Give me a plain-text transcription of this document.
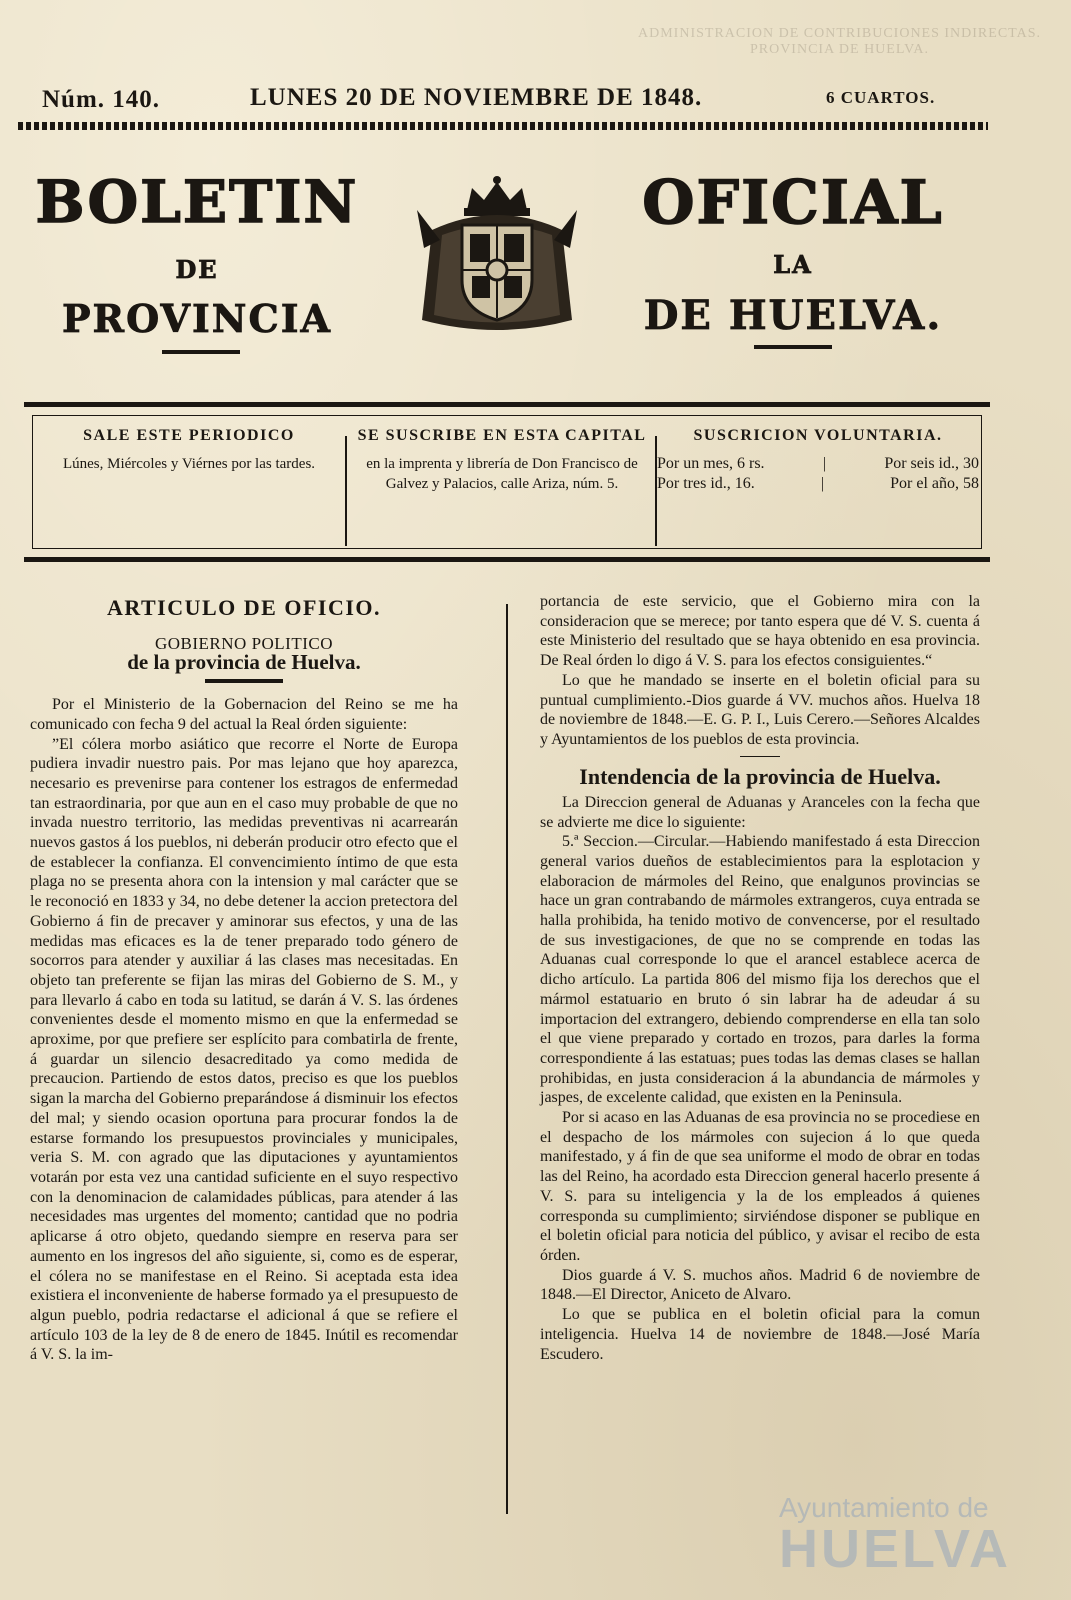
ADMINISTRACION DE CONTRIBUCIONES INDIRECTAS.
PROVINCIA DE HUELVA.
Núm. 140.	LUNES 20 DE NOVIEMBRE DE 1848.	6 CUARTOS.
BOLETIN
DE
PROVINCIA
OFICIAL
LA
DE HUELVA.
SALE ESTE PERIODICO
Lúnes, Miércoles y Viérnes por las tardes.
SE SUSCRIBE EN ESTA CAPITAL
en la imprenta y librería de Don Francisco de Galvez y Palacios, calle Ariza, núm. 5.
SUSCRICION VOLUNTARIA.
Por un mes, 6 rs.	|	Por seis id., 30
Por tres id., 16.	|	Por el año, 58
ARTICULO DE OFICIO.
GOBIERNO POLITICO
de la provincia de Huelva.

Por el Ministerio de la Gobernacion del Reino se me ha comunicado con fecha 9 del actual la Real órden siguiente:

”El cólera morbo asiático que recorre el Norte de Europa pudiera invadir nuestro pais. Por mas lejano que hoy aparezca, necesario es prevenirse para contener los estragos de enfermedad tan estraordinaria, por que aun en el caso muy probable de que no invada nuestro territorio, las medidas preventivas ni acarrearán nuevos gastos á los pueblos, ni deberán producir otro efecto que el de establecer la confianza. El convencimiento íntimo de que esta plaga no se presenta ahora con la intension y mal carácter que se le reconoció en 1833 y 34, no debe detener la accion pretectora del Gobierno á fin de precaver y aminorar sus efectos, y una de las medidas mas eficaces es la de tener preparado todo género de socorros para atender y auxiliar á las clases mas necesitadas. En objeto tan preferente se fijan las miras del Gobierno de S. M., y para llevarlo á cabo en toda su latitud, se darán á V. S. las órdenes convenientes desde el momento mismo en que la enfermedad se aproxime, por que prefiere ser esplícito para combatirla de frente, á guardar un silencio desacreditado ya como medida de precaucion. Partiendo de estos datos, preciso es que los pueblos sigan la marcha del Gobierno preparándose á disminuir los efectos del mal; y siendo ocasion oportuna para procurar fondos la de estarse formando los presupuestos provinciales y municipales, veria S. M. con agrado que las diputaciones y ayuntamientos votarán por esta vez una cantidad suficiente en el suyo respectivo con la denominacion de calamidades públicas, para atender á las necesidades mas urgentes del momento; cantidad que no podria aplicarse á otro objeto, quedando siempre en reserva para ser aumento en los ingresos del año siguiente, si, como es de esperar, el cólera no se manifestase en el Reino. Si aceptada esta idea existiera el inconveniente de haberse formado ya el presupuesto de algun pueblo, podria redactarse el adicional á que se refiere el artículo 103 de la ley de 8 de enero de 1845. Inútil es recomendar á V. S. la im-

portancia de este servicio, que el Gobierno mira con la consideracion que se merece; por tanto espera que dé V. S. cuenta á este Ministerio del resultado que se haya obtenido en esa provincia. De Real órden lo digo á V. S. para los efectos consiguientes.“

Lo que he mandado se inserte en el boletin oficial para su puntual cumplimiento.-Dios guarde á VV. muchos años. Huelva 18 de noviembre de 1848.—E. G. P. I., Luis Cerero.—Señores Alcaldes y Ayuntamientos de los pueblos de esta provincia.

Intendencia de la provincia de Huelva.

La Direccion general de Aduanas y Aranceles con la fecha que se advierte me dice lo siguiente:

5.ª Seccion.—Circular.—Habiendo manifestado á esta Direccion general varios dueños de establecimientos para la esplotacion y elaboracion de mármoles del Reino, que enalgunos provincias se hace un gran contrabando de mármoles extrangeros, cuya entrada se halla prohibida, ha tenido motivo de convencerse, por el resultado de sus investigaciones, de que no se comprende en todas las Aduanas cual corresponde lo que el arancel establece acerca de dicho artículo. La partida 806 del mismo fija los derechos que el mármol estatuario en bruto ó sin labrar ha de adeudar á su importacion del extrangero, debiendo comprenderse en ella tan solo el que viene preparado y cortado en trozos, para darles la forma correspondiente á las estatuas; pues todas las demas clases se hallan prohibidas, en justa consideracion á la abundancia de mármoles y jaspes, de excelente calidad, que existen en la Peninsula.

Por si acaso en las Aduanas de esa provincia no se procediese en el despacho de los mármoles con sujecion á lo que queda manifestado, y á fin de que sea uniforme el modo de obrar en todas las del Reino, ha acordado esta Direccion general hacerlo presente á V. S. para su inteligencia y la de los empleados á quienes corresponda su cumplimiento; sirviéndose disponer se publique en el boletin oficial para noticia del público, y avisar el recibo de esta órden.

Dios guarde á V. S. muchos años. Madrid 6 de noviembre de 1848.—El Director, Aniceto de Alvaro.

Lo que se publica en el boletin oficial para la comun inteligencia. Huelva 14 de noviembre de 1848.—José María Escudero.

Ayuntamiento de
HUELVA
